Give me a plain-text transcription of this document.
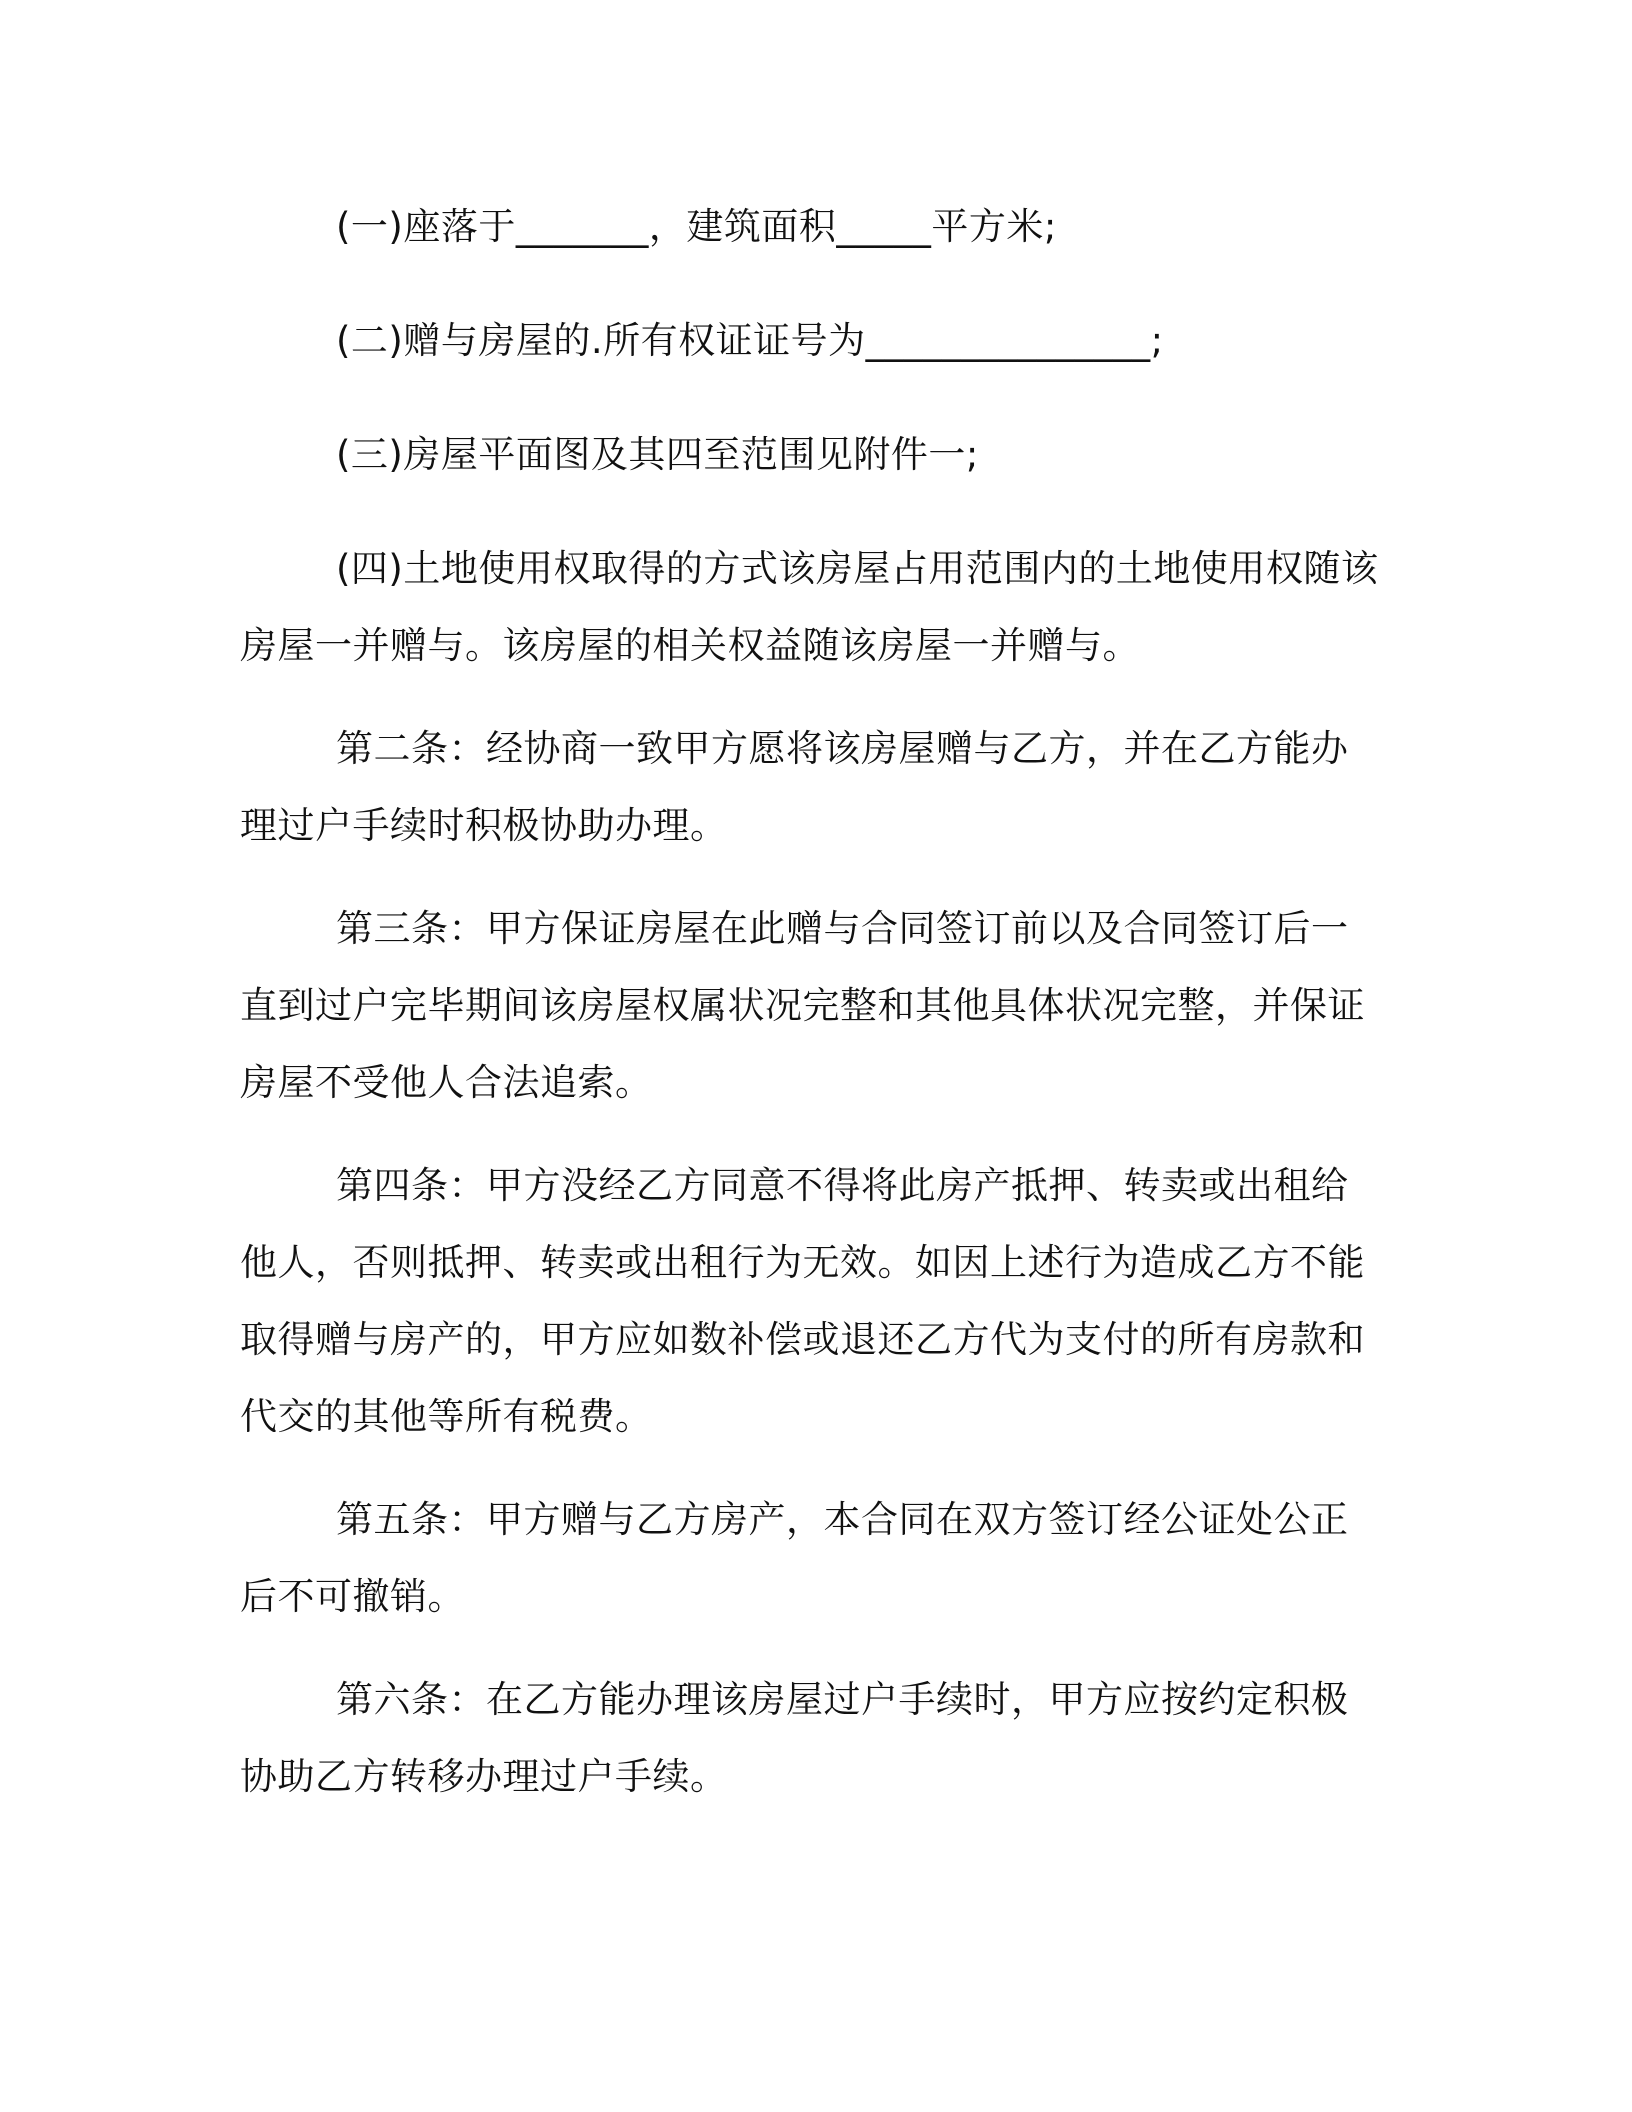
(一)座落于_______，建筑面积_____平方米;

(二)赠与房屋的.所有权证证号为_______________;

(三)房屋平面图及其四至范围见附件一;

(四)土地使用权取得的方式该房屋占用范围内的土地使用权随该房屋一并赠与。该房屋的相关权益随该房屋一并赠与。

第二条：经协商一致甲方愿将该房屋赠与乙方，并在乙方能办理过户手续时积极协助办理。

第三条：甲方保证房屋在此赠与合同签订前以及合同签订后一直到过户完毕期间该房屋权属状况完整和其他具体状况完整，并保证房屋不受他人合法追索。

第四条：甲方没经乙方同意不得将此房产抵押、转卖或出租给他人，否则抵押、转卖或出租行为无效。如因上述行为造成乙方不能取得赠与房产的，甲方应如数补偿或退还乙方代为支付的所有房款和代交的其他等所有税费。

第五条：甲方赠与乙方房产，本合同在双方签订经公证处公正后不可撤销。

第六条：在乙方能办理该房屋过户手续时，甲方应按约定积极协助乙方转移办理过户手续。
